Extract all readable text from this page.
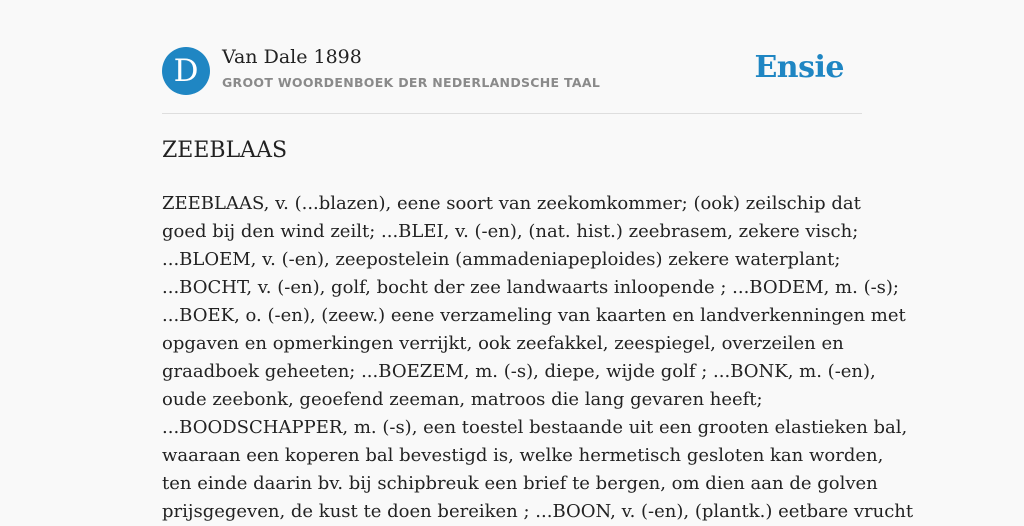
D	Van Dale 1898
GROOT WOORDENBOEK DER NEDERLANDSCHE TAAL	Ensie
ZEEBLAAS
ZEEBLAAS, v. (...blazen), eene soort van zeekomkommer; (ook) zeilschip dat
goed bij den wind zeilt; ...BLEI, v. (-en), (nat. hist.) zeebrasem, zekere visch;
...BLOEM, v. (-en), zeepostelein (ammadeniapeploides) zekere waterplant;
...BOCHT, v. (-en), golf, bocht der zee landwaarts inloopende ; ...BODEM, m. (-s);
...BOEK, o. (-en), (zeew.) eene verzameling van kaarten en landverkenningen met
opgaven en opmerkingen verrijkt, ook zeefakkel, zeespiegel, overzeilen en
graadboek geheeten; ...BOEZEM, m. (-s), diepe, wijde golf ; ...BONK, m. (-en),
oude zeebonk, geoefend zeeman, matroos die lang gevaren heeft;
...BOODSCHAPPER, m. (-s), een toestel bestaande uit een grooten elastieken bal,
waaraan een koperen bal bevestigd is, welke hermetisch gesloten kan worden,
ten einde daarin bv. bij schipbreuk een brief te bergen, om dien aan de golven
prijsgegeven, de kust te doen bereiken ; ...BOON, v. (-en), (plantk.) eetbare vrucht
